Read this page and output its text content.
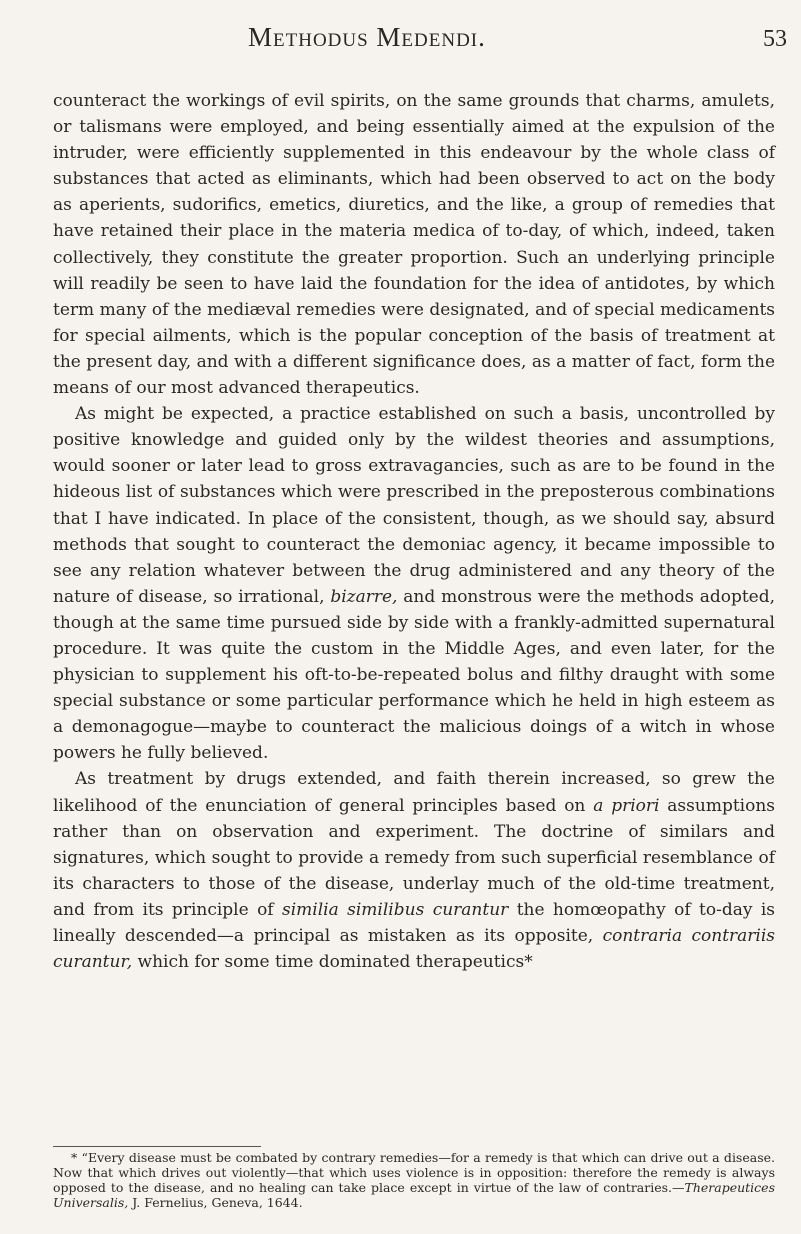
Methodus Medendi.	53

counteract the workings of evil spirits, on the same grounds that charms, amulets, or talismans were employed, and being essentially aimed at the expulsion of the intruder, were efficiently supplemented in this endeavour by the whole class of substances that acted as eliminants, which had been observed to act on the body as aperients, sudorifics, emetics, diuretics, and the like, a group of remedies that have retained their place in the materia medica of to-day, of which, indeed, taken collectively, they constitute the greater proportion. Such an underlying principle will readily be seen to have laid the foundation for the idea of antidotes, by which term many of the mediæval remedies were designated, and of special medicaments for special ailments, which is the popular conception of the basis of treatment at the present day, and with a different significance does, as a matter of fact, form the means of our most advanced therapeutics.

As might be expected, a practice established on such a basis, uncontrolled by positive knowledge and guided only by the wildest theories and assumptions, would sooner or later lead to gross extravagancies, such as are to be found in the hideous list of substances which were prescribed in the preposterous combinations that I have indicated. In place of the consistent, though, as we should say, absurd methods that sought to counteract the demoniac agency, it became impossible to see any relation whatever between the drug administered and any theory of the nature of disease, so irrational, bizarre, and monstrous were the methods adopted, though at the same time pursued side by side with a frankly-admitted supernatural procedure. It was quite the custom in the Middle Ages, and even later, for the physician to supplement his oft-to-be-repeated bolus and filthy draught with some special substance or some particular performance which he held in high esteem as a demonagogue—maybe to counteract the malicious doings of a witch in whose powers he fully believed.

As treatment by drugs extended, and faith therein increased, so grew the likelihood of the enunciation of general principles based on a priori assumptions rather than on observation and experiment. The doctrine of similars and signatures, which sought to provide a remedy from such superficial resemblance of its characters to those of the disease, underlay much of the old-time treatment, and from its principle of similia similibus curantur the homœopathy of to-day is lineally descended—a principal as mistaken as its opposite, contraria contrariis curantur, which for some time dominated therapeutics*

* “Every disease must be combated by contrary remedies—for a remedy is that which can drive out a disease. Now that which drives out violently—that which uses violence is in opposition: therefore the remedy is always opposed to the disease, and no healing can take place except in virtue of the law of contraries.—Therapeutices Universalis, J. Fernelius, Geneva, 1644.
